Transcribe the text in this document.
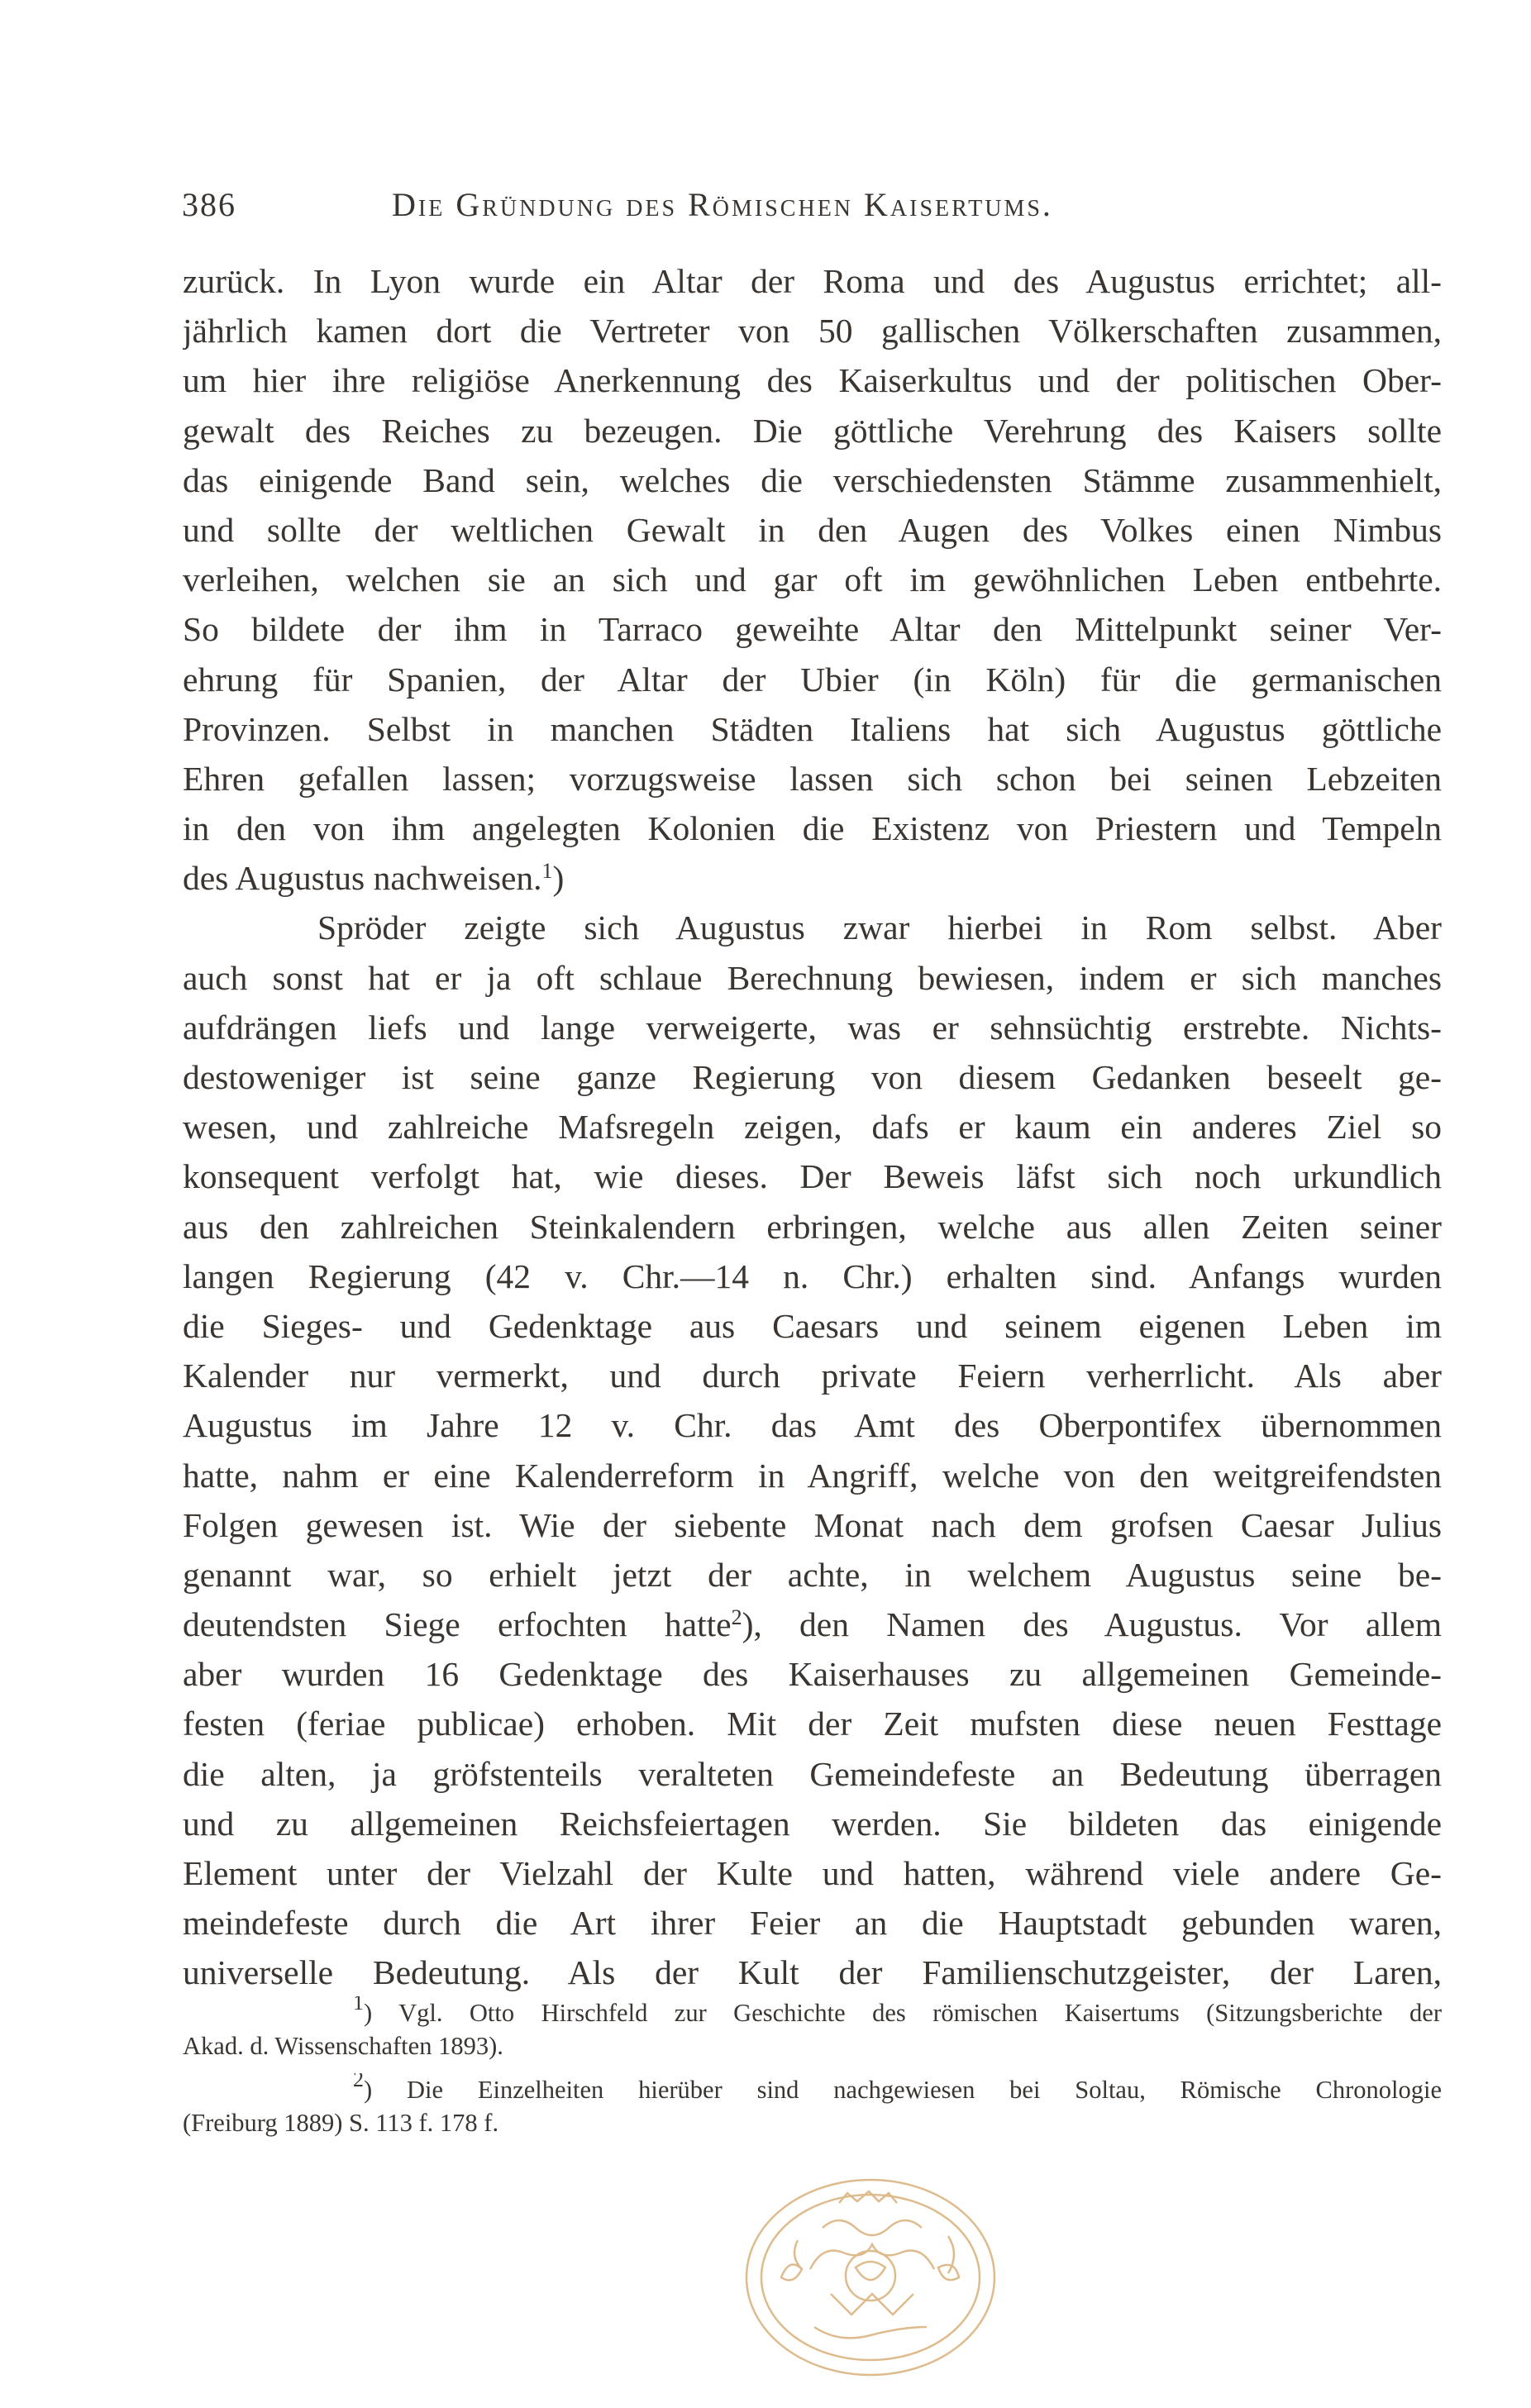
386	Die Gründung des Römischen Kaisertums.
zurück. In Lyon wurde ein Altar der Roma und des Augustus errichtet; all-
jährlich kamen dort die Vertreter von 50 gallischen Völkerschaften zusammen,
um hier ihre religiöse Anerkennung des Kaiserkultus und der politischen Ober-
gewalt des Reiches zu bezeugen. Die göttliche Verehrung des Kaisers sollte
das einigende Band sein, welches die verschiedensten Stämme zusammenhielt,
und sollte der weltlichen Gewalt in den Augen des Volkes einen Nimbus
verleihen, welchen sie an sich und gar oft im gewöhnlichen Leben entbehrte.
So bildete der ihm in Tarraco geweihte Altar den Mittelpunkt seiner Ver-
ehrung für Spanien, der Altar der Ubier (in Köln) für die germanischen
Provinzen. Selbst in manchen Städten Italiens hat sich Augustus göttliche
Ehren gefallen lassen; vorzugsweise lassen sich schon bei seinen Lebzeiten
in den von ihm angelegten Kolonien die Existenz von Priestern und Tempeln
des Augustus nachweisen.$^1$)
Spröder zeigte sich Augustus zwar hierbei in Rom selbst. Aber
auch sonst hat er ja oft schlaue Berechnung bewiesen, indem er sich manches
aufdrängen liefs und lange verweigerte, was er sehnsüchtig erstrebte. Nichts-
destoweniger ist seine ganze Regierung von diesem Gedanken beseelt ge-
wesen, und zahlreiche Mafsregeln zeigen, dafs er kaum ein anderes Ziel so
konsequent verfolgt hat, wie dieses. Der Beweis läfst sich noch urkundlich
aus den zahlreichen Steinkalendern erbringen, welche aus allen Zeiten seiner
langen Regierung (42 v. Chr.—14 n. Chr.) erhalten sind. Anfangs wurden
die Sieges- und Gedenktage aus Caesars und seinem eigenen Leben im
Kalender nur vermerkt, und durch private Feiern verherrlicht. Als aber
Augustus im Jahre 12 v. Chr. das Amt des Oberpontifex übernommen
hatte, nahm er eine Kalenderreform in Angriff, welche von den weitgreifendsten
Folgen gewesen ist. Wie der siebente Monat nach dem grofsen Caesar Julius
genannt war, so erhielt jetzt der achte, in welchem Augustus seine be-
deutendsten Siege erfochten hatte$^2$), den Namen des Augustus. Vor allem
aber wurden 16 Gedenktage des Kaiserhauses zu allgemeinen Gemeinde-
festen (feriae publicae) erhoben. Mit der Zeit mufsten diese neuen Festtage
die alten, ja gröfstenteils veralteten Gemeindefeste an Bedeutung überragen
und zu allgemeinen Reichsfeiertagen werden. Sie bildeten das einigende
Element unter der Vielzahl der Kulte und hatten, während viele andere Ge-
meindefeste durch die Art ihrer Feier an die Hauptstadt gebunden waren,
universelle Bedeutung. Als der Kult der Familienschutzgeister, der Laren,
$^1$) Vgl. Otto Hirschfeld zur Geschichte des römischen Kaisertums (Sitzungsberichte der
Akad. d. Wissenschaften 1893).
$^2$) Die Einzelheiten hierüber sind nachgewiesen bei Soltau, Römische Chronologie
(Freiburg 1889) S. 113 f. 178 f.
